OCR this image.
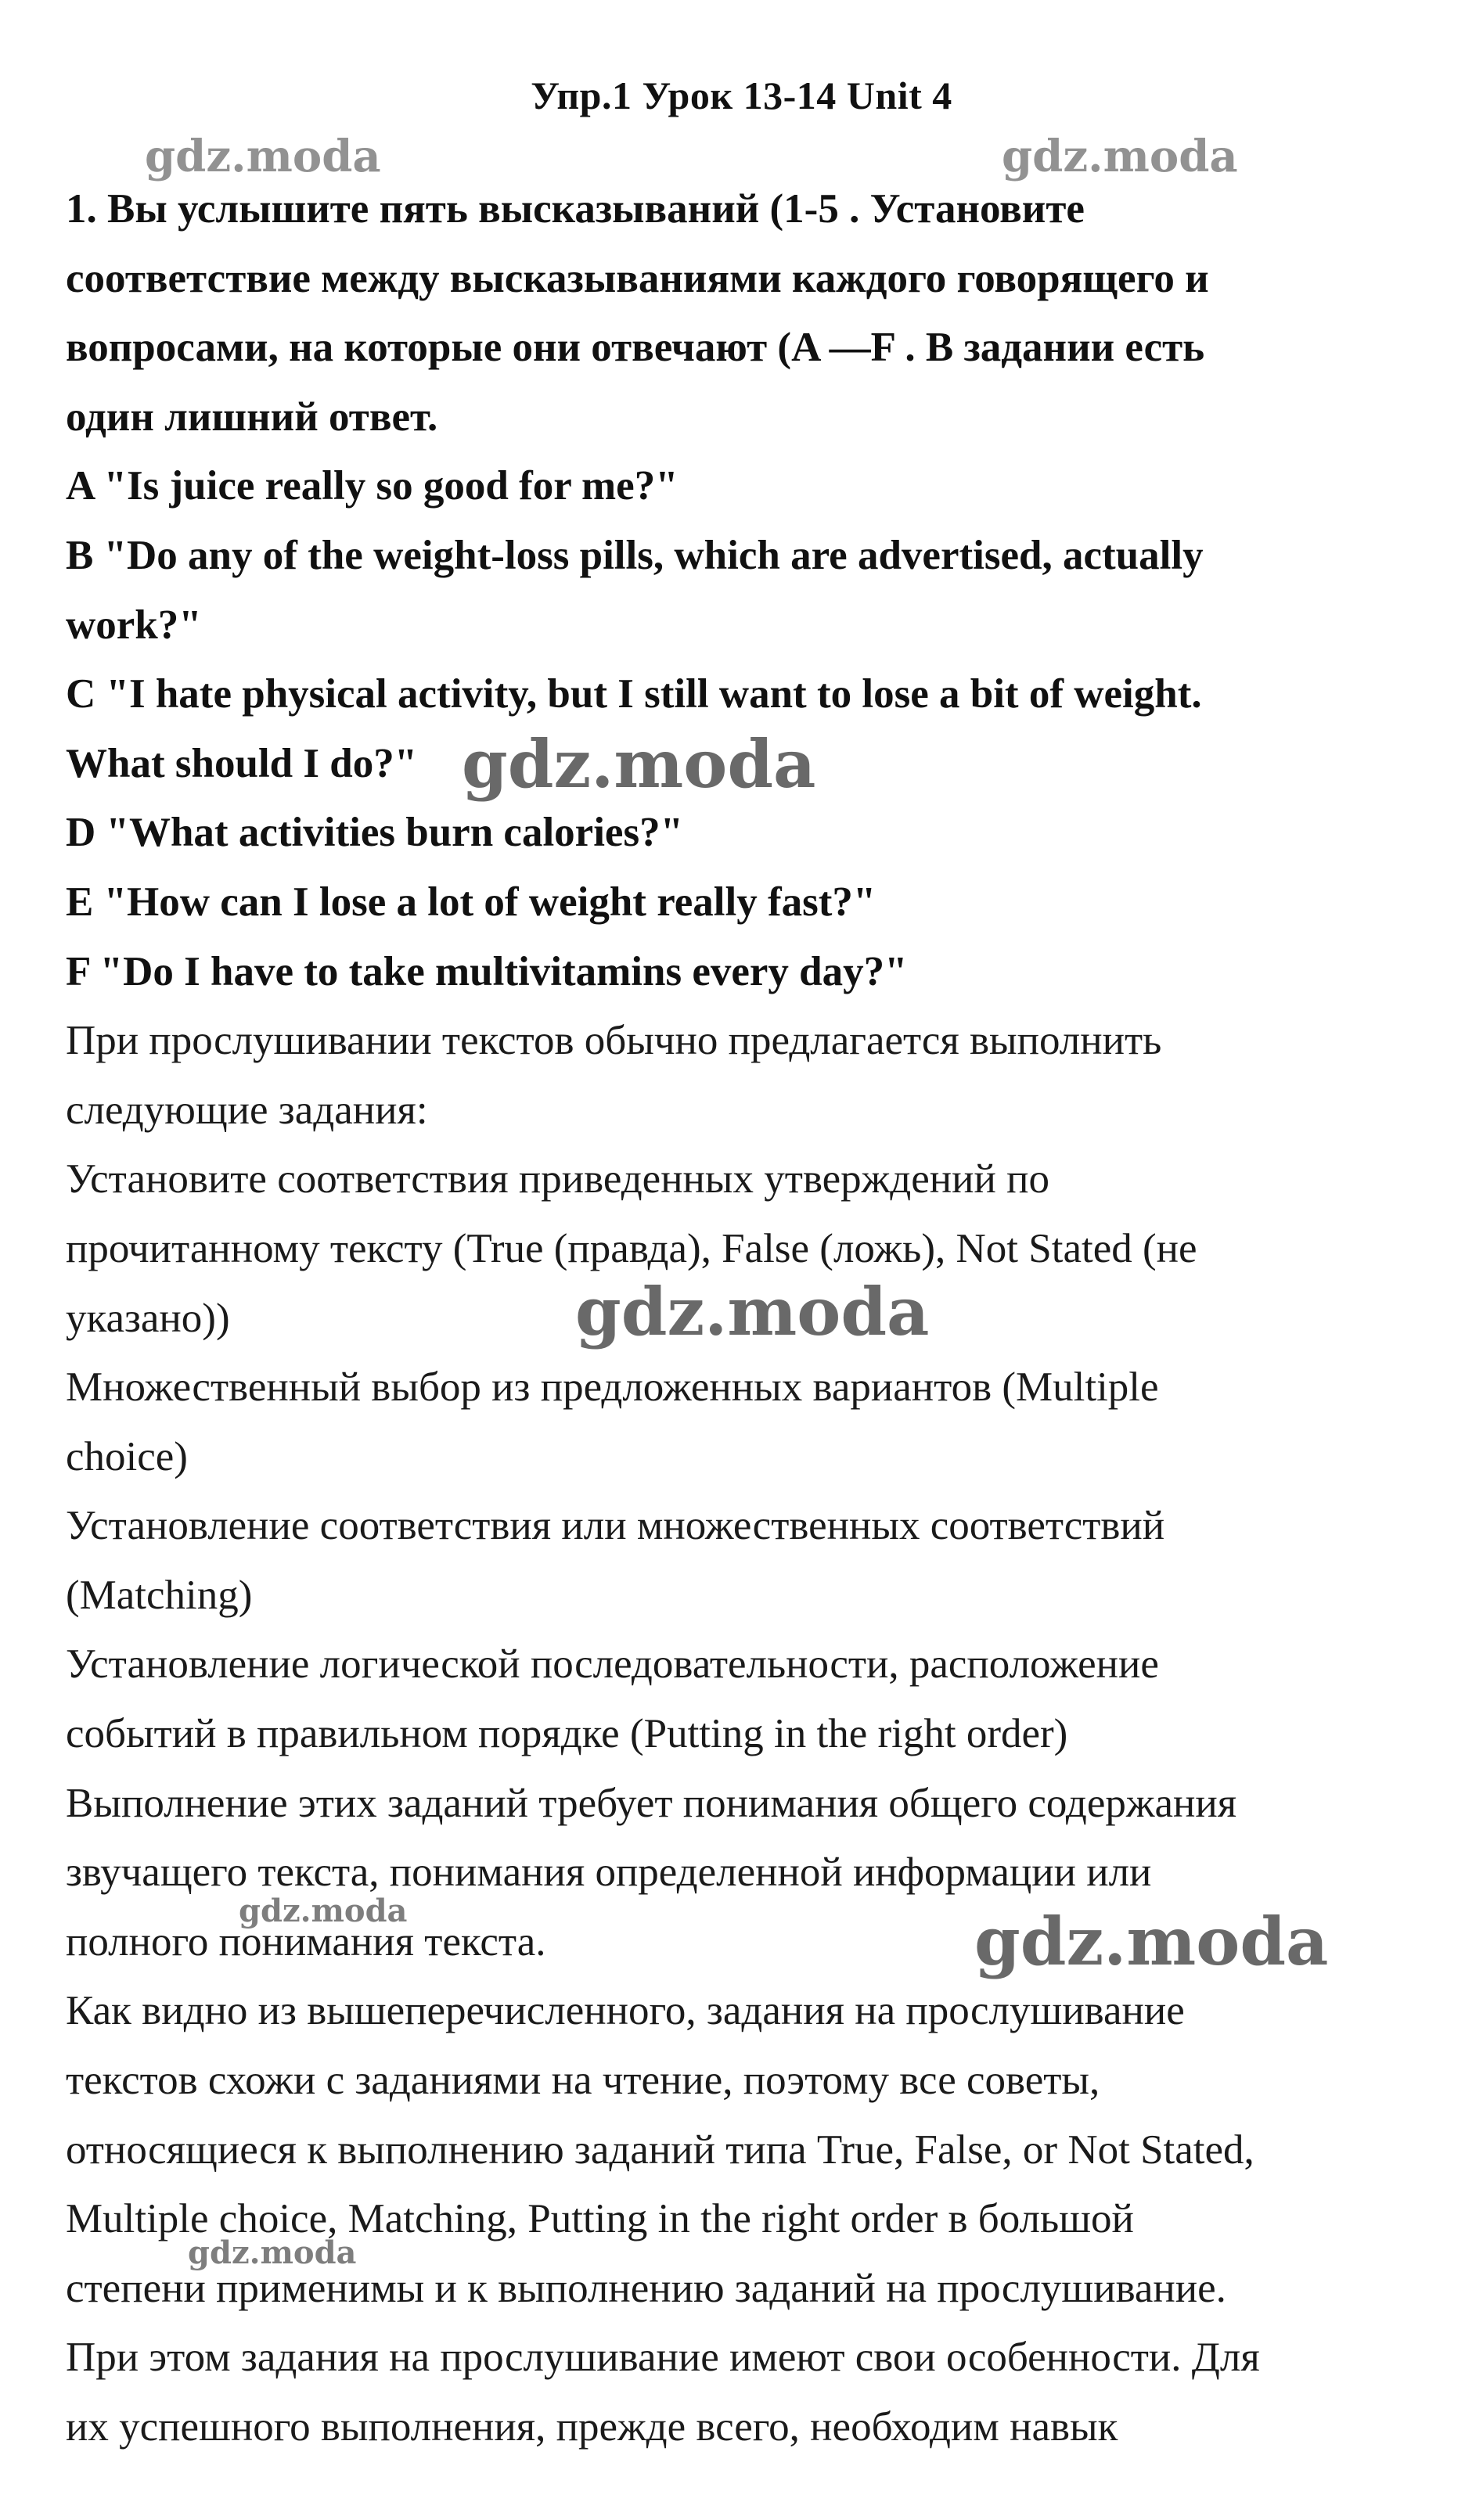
Упр.1 Урок 13-14 Unit 4
1. Вы услышите пять высказываний (1-5 . Установите
соответствие между высказываниями каждого говорящего и
вопросами, на которые они отвечают (A —F . В задании есть
один лишний ответ.
A "Is juice really so good for me?"
B "Do any of the weight-loss pills, which are advertised, actually
work?"
C "I hate physical activity, but I still want to lose a bit of weight.
What should I do?"
D "What activities burn calories?"
E "How can I lose a lot of weight really fast?"
F "Do I have to take multivitamins every day?"
При прослушивании текстов обычно предлагается выполнить
следующие задания:
Установите соответствия приведенных утверждений по
прочитанному тексту (True (правда), False (ложь), Not Stated (не
указано))
Множественный выбор из предложенных вариантов (Multiple
choice)
Установление соответствия или множественных соответствий
(Matching)
Установление логической последовательности, расположение
событий в правильном порядке (Putting in the right order)
Выполнение этих заданий требует понимания общего содержания
звучащего текста, понимания определенной информации или
полного понимания текста.
Как видно из вышеперечисленного, задания на прослушивание
текстов схожи с заданиями на чтение, поэтому все советы,
относящиеся к выполнению заданий типа True, False, or Not Stated,
Multiple choice, Matching, Putting in the right order в большой
степени применимы и к выполнению заданий на прослушивание.
При этом задания на прослушивание имеют свои особенности. Для
их успешного выполнения, прежде всего, необходим навык
gdz.moda	gdz.moda
gdz.moda
gdz.moda
gdz.moda	gdz.moda
gdz.moda
